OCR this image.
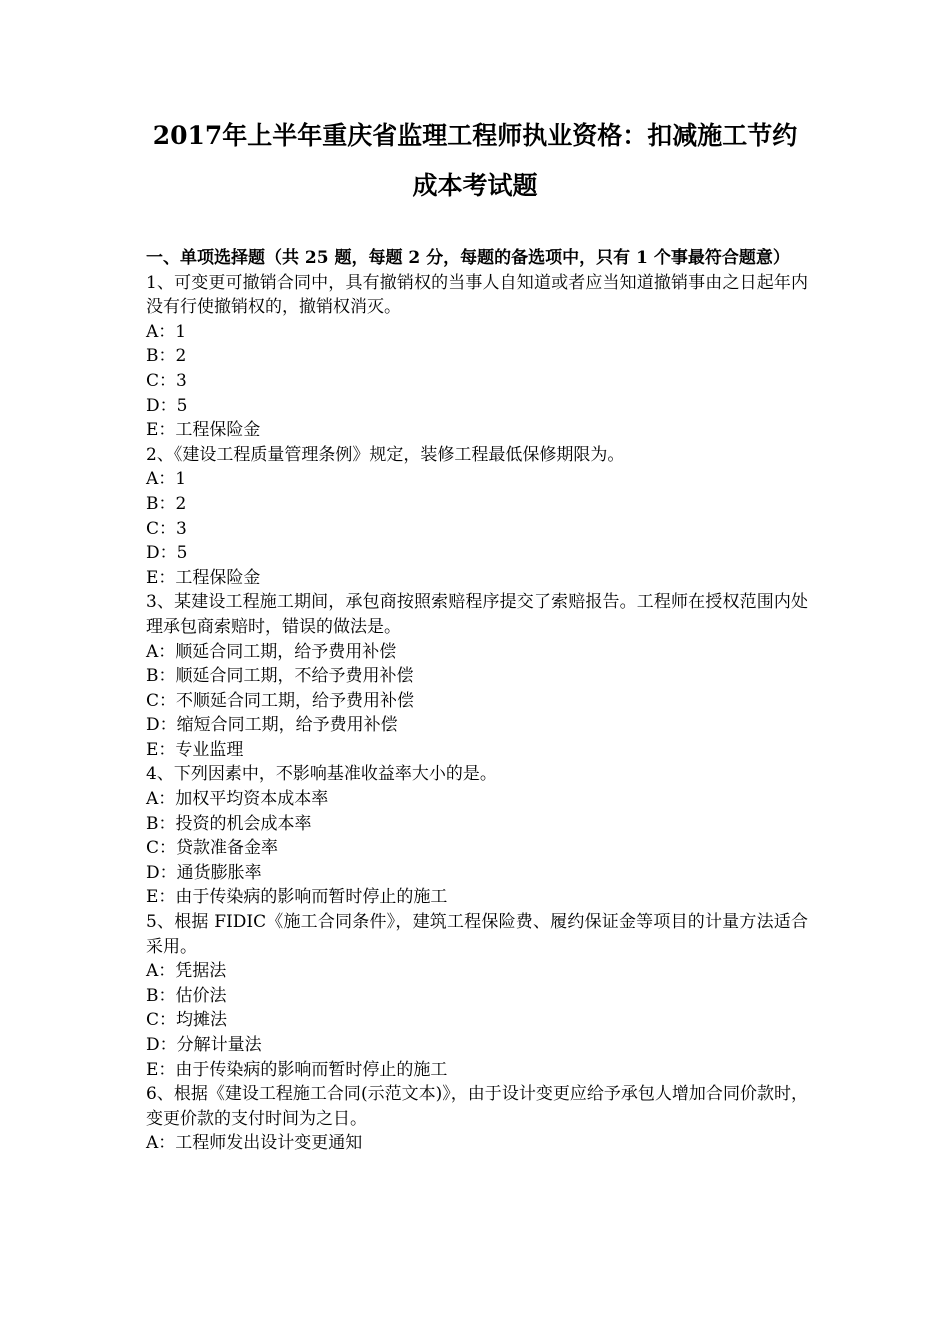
2017年上半年重庆省监理工程师执业资格：扣减施工节约
成本考试题
一、单项选择题（共 25 题，每题 2 分，每题的备选项中，只有 1 个事最符合题意）
1、可变更可撤销合同中，具有撤销权的当事人自知道或者应当知道撤销事由之日起年内没有行使撤销权的，撤销权消灭。
A：1
B：2
C：3
D：5
E：工程保险金
2、《建设工程质量管理条例》规定，装修工程最低保修期限为。
A：1
B：2
C：3
D：5
E：工程保险金
3、某建设工程施工期间，承包商按照索赔程序提交了索赔报告。工程师在授权范围内处理承包商索赔时，错误的做法是。
A：顺延合同工期，给予费用补偿
B：顺延合同工期，不给予费用补偿
C：不顺延合同工期，给予费用补偿
D：缩短合同工期，给予费用补偿
E：专业监理
4、下列因素中，不影响基准收益率大小的是。
A：加权平均资本成本率
B：投资的机会成本率
C：贷款准备金率
D：通货膨胀率
E：由于传染病的影响而暂时停止的施工
5、根据 FIDIC《施工合同条件》，建筑工程保险费、履约保证金等项目的计量方法适合采用。
A：凭据法
B：估价法
C：均摊法
D：分解计量法
E：由于传染病的影响而暂时停止的施工
6、根据《建设工程施工合同(示范文本)》，由于设计变更应给予承包人增加合同价款时，变更价款的支付时间为之日。
A：工程师发出设计变更通知
